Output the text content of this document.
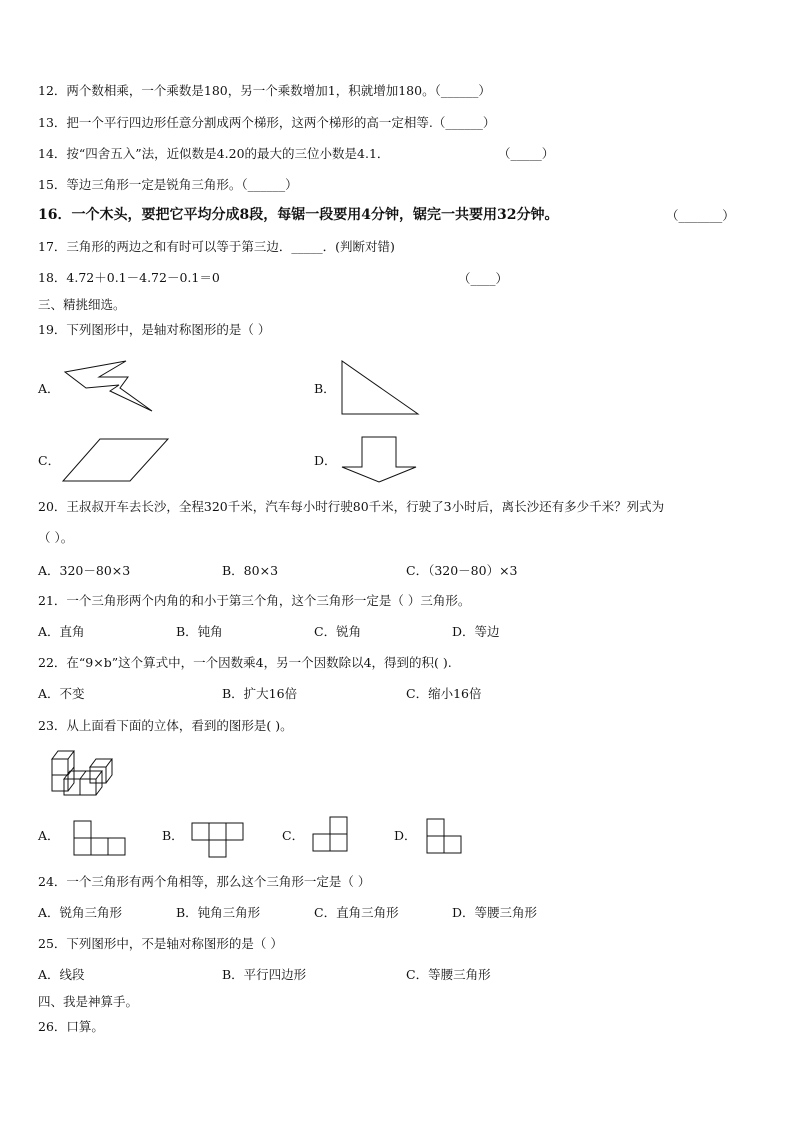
12．两个数相乘，一个乘数是180，另一个乘数增加1，积就增加180。（______）
13．把一个平行四边形任意分割成两个梯形，这两个梯形的高一定相等.（______）
14．按“四舍五入”法，近似数是4.20的最大的三位小数是4.1．	（_____）
15．等边三角形一定是锐角三角形。（______）
16．一个木头，要把它平均分成8段，每锯一段要用4分钟，锯完一共要用32分钟。	（_______）
17．三角形的两边之和有时可以等于第三边．_____．(判断对错)
18．4.72＋0.1－4.72－0.1＝0	（____）
三、精挑细选。
19．下列图形中，是轴对称图形的是（ ）
A．	B．
C．	D．
20．王叔叔开车去长沙，全程320千米，汽车每小时行驶80千米，行驶了3小时后，离长沙还有多少千米？列式为
（ ）。
A．320－80×3	B．80×3	C．（320－80）×3
21．一个三角形两个内角的和小于第三个角，这个三角形一定是（ ）三角形。
A．直角	B．钝角	C．锐角	D．等边
22．在“9×b”这个算式中，一个因数乘4，另一个因数除以4，得到的积( ).
A．不变	B．扩大16倍	C．缩小16倍
23．从上面看下面的立体，看到的图形是( )。
A．	B．	C．	D．
24．一个三角形有两个角相等，那么这个三角形一定是（ ）
A．锐角三角形	B．钝角三角形	C．直角三角形	D．等腰三角形
25．下列图形中，不是轴对称图形的是（ ）
A．线段	B．平行四边形	C．等腰三角形
四、我是神算手。
26．口算。
